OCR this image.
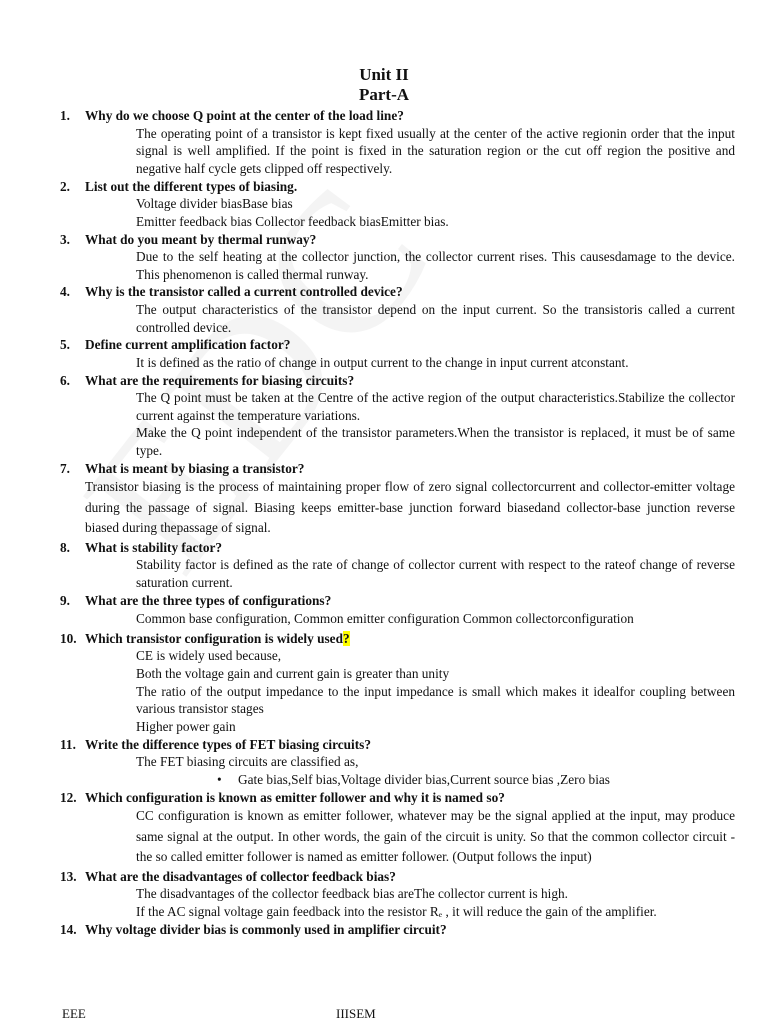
Unit II
Part-A
1. Why do we choose Q point at the center of the load line?

The operating point of a transistor is kept fixed usually at the center of the active regionin order that the input signal is well amplified. If the point is fixed in the saturation region or the cut off region the positive and negative half cycle gets clipped off respectively.

2. List out the different types of biasing.

Voltage divider biasBase bias

Emitter feedback bias Collector feedback biasEmitter bias.

3. What do you meant by thermal runway?

Due to the self heating at the collector junction, the collector current rises. This causesdamage to the device. This phenomenon is called thermal runway.

4. Why is the transistor called a current controlled device?

The output characteristics of the transistor depend on the input current. So the transistoris called a current controlled device.

5. Define current amplification factor?

It is defined as the ratio of change in output current to the change in input current atconstant.

6. What are the requirements for biasing circuits?

The Q point must be taken at the Centre of the active region of the output characteristics.Stabilize the collector current against the temperature variations.

Make the Q point independent of the transistor parameters.When the transistor is replaced, it must be of same type.

7. What is meant by biasing a transistor?

Transistor biasing is the process of maintaining proper flow of zero signal collectorcurrent and collector-emitter voltage during the passage of signal. Biasing keeps emitter-base junction forward biasedand collector-base junction reverse biased during thepassage of signal.

8. What is stability factor?

Stability factor is defined as the rate of change of collector current with respect to the rateof change of reverse saturation current.

9. What are the three types of configurations?

Common base configuration, Common emitter configuration Common collectorconfiguration

10. Which transistor configuration is widely used?

CE is widely used because,

Both the voltage gain and current gain is greater than unity

The ratio of the output impedance to the input impedance is small which makes it idealfor coupling between various transistor stages

Higher power gain

11. Write the difference types of FET biasing circuits?

The FET biasing circuits are classified as,

• Gate bias,Self bias,Voltage divider bias,Current source bias ,Zero bias

12. Which configuration is known as emitter follower and why it is named so?

CC configuration is known as emitter follower, whatever may be the signal applied at the input, may produce same signal at the output. In other words, the gain of the circuit is unity. So that the common collector circuit - the so called emitter follower is named as emitter follower. (Output follows the input)

13. What are the disadvantages of collector feedback bias?

The disadvantages of the collector feedback bias areThe collector current is high.

If the AC signal voltage gain feedback into the resistor Rₑ , it will reduce the gain of the amplifier.

14. Why voltage divider bias is commonly used in amplifier circuit?
EEE	IIISEM
